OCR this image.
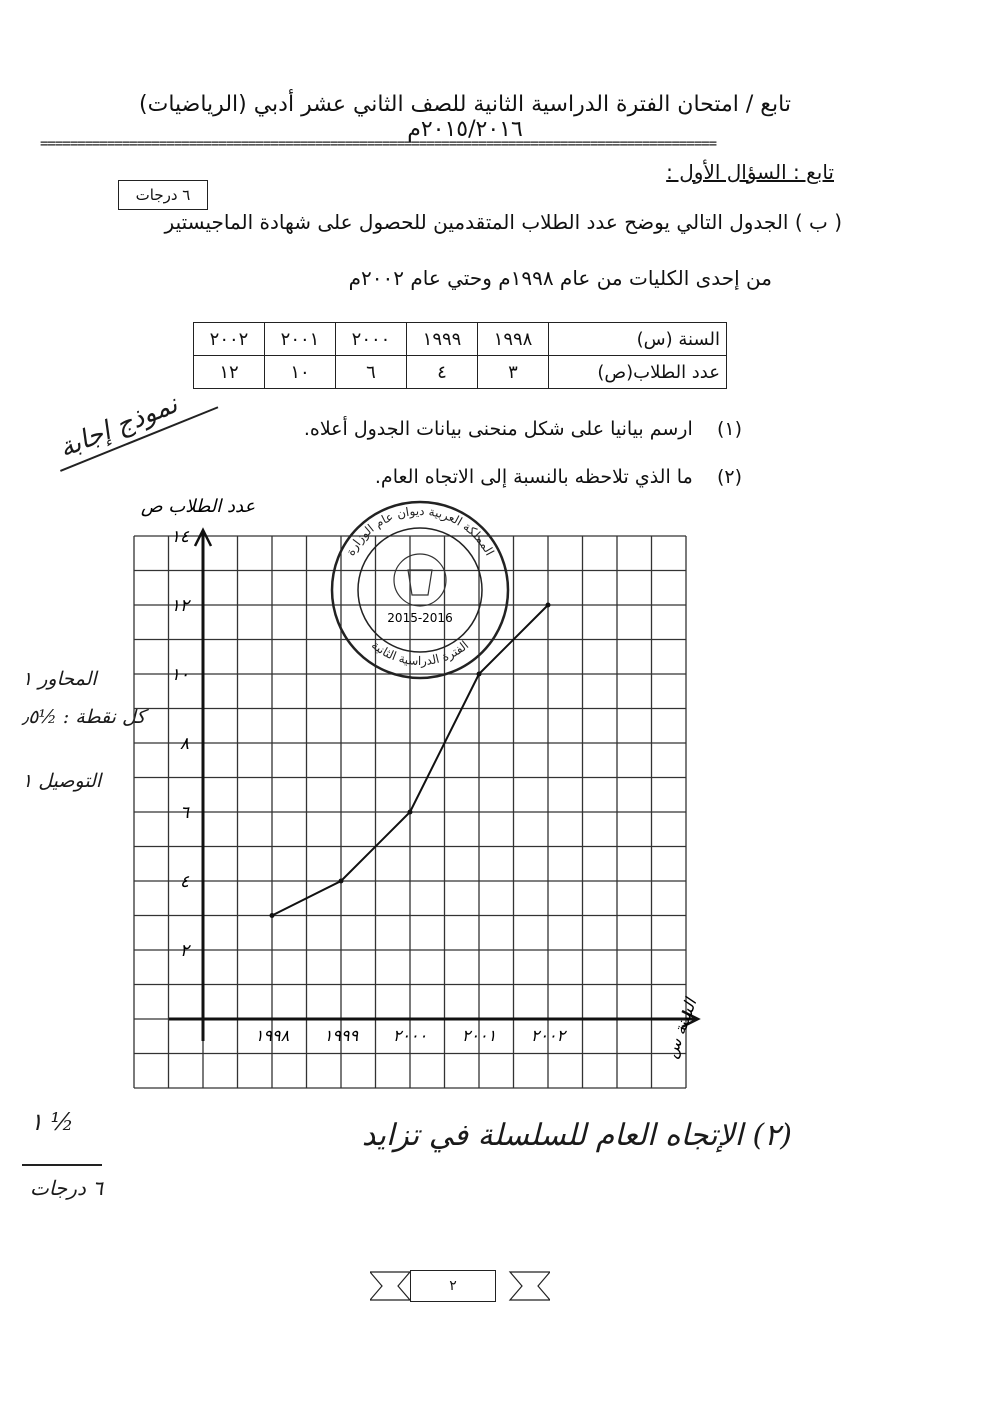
تابع / امتحان الفترة الدراسية الثانية للصف الثاني عشر أدبي (الرياضيات) ٢٠١٥/٢٠١٦م
===========================================================================================
تابع : السؤال الأول :
٦ درجات
( ب ) الجدول التالي يوضح عدد الطلاب المتقدمين للحصول على شهادة الماجيستير
من إحدى الكليات من عام ١٩٩٨م وحتي عام ٢٠٠٢م
السنة (س)	١٩٩٨	١٩٩٩	٢٠٠٠	٢٠٠١	٢٠٠٢
عدد الطلاب(ص)	٣	٤	٦	١٠	١٢
(١)    ارسم بيانيا على شكل منحنى بيانات الجدول أعلاه.
(٢)    ما الذي تلاحظه بالنسبة إلى الاتجاه العام.
نموذج إجابة
المحاور ١
كل نقطة : ½٫٥
التوصيل ١
٢
٤
٦
٨
١٠
١٢
١٤
١٩٩٨ ١٩٩٩ ٢٠٠٠ ٢٠٠١ ٢٠٠٢
عدد الطلاب ص
السنة س
المملكة العربية ديوان عام الوزارة
الفترة الدراسية الثانية
2015-2016
(٢) الإتجاه العام للسلسلة في تزايد
١ ½
٦ درجات
٢
